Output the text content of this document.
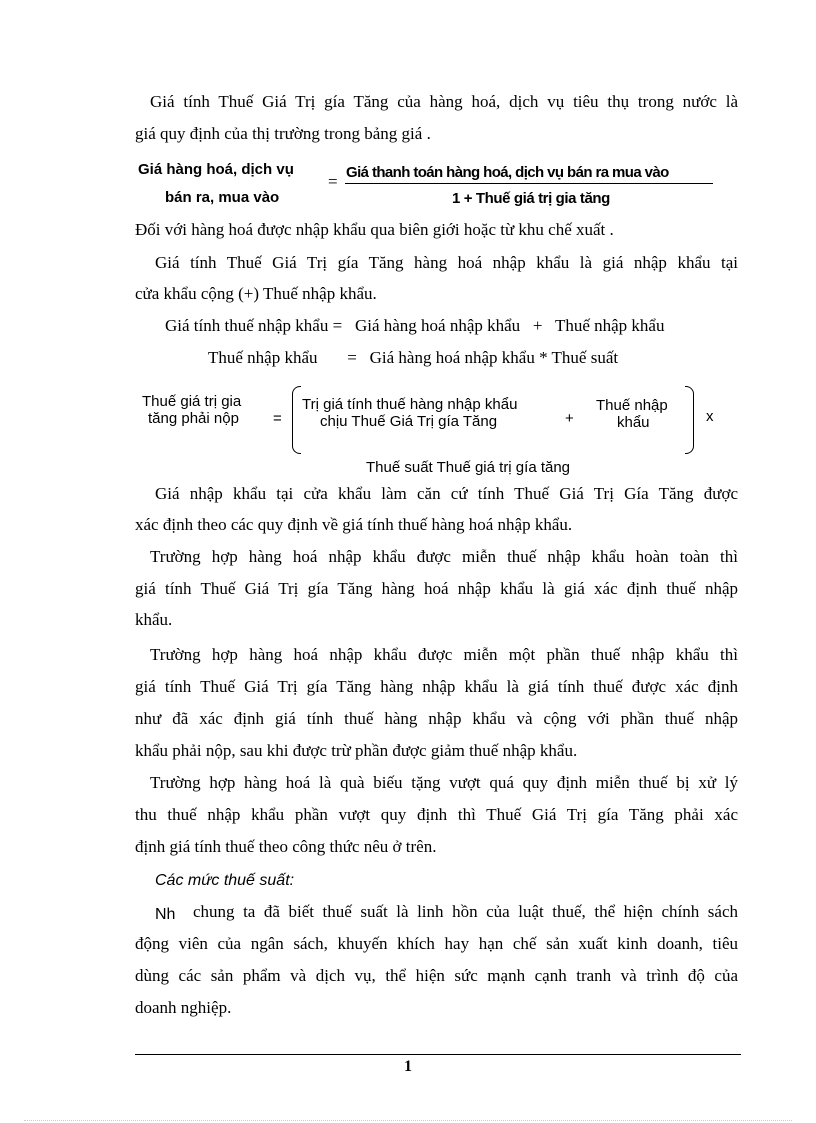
Giá tính Thuế Giá Trị gía Tăng của hàng hoá, dịch vụ tiêu thụ trong nước là
giá quy định của thị trường trong bảng giá .
Giá hàng hoá, dịch vụ
bán ra, mua vào
= Giá thanh toán hàng hoá, dịch vụ bán ra mua vào
1 + Thuế giá trị gia tăng
Đối với hàng hoá được nhập khẩu qua biên giới hoặc từ khu chế xuất .
Giá tính Thuế Giá Trị gía Tăng hàng hoá nhập khẩu là giá nhập khẩu tại
cửa khẩu cộng (+) Thuế nhập khẩu.
Giá tính thuế nhập khẩu =   Giá hàng hoá nhập khẩu   +   Thuế nhập khẩu
Thuế nhập khẩu       =   Giá hàng hoá nhập khẩu * Thuế suất
Thuế giá trị gia
tăng phải nộp =
Trị giá tính thuế hàng nhập khẩu
chịu Thuế Giá Trị gía Tăng	+
Thuế nhập
khẩu	x
Thuế suất Thuế giá trị gía tăng
Giá nhập khẩu tại cửa khẩu làm căn cứ tính Thuế Giá Trị Gía Tăng được
xác định theo các quy định về giá tính thuế hàng hoá nhập khẩu.
Trường hợp hàng hoá nhập khẩu được miễn thuế nhập khẩu hoàn toàn thì
giá tính Thuế Giá Trị gía Tăng hàng hoá nhập khẩu là giá xác định thuế nhập
khẩu.
Trường hợp hàng hoá nhập khẩu được miễn một phần thuế nhập khẩu thì
giá tính Thuế Giá Trị gía Tăng hàng nhập khẩu là giá tính thuế được xác định
như đã xác định giá tính thuế hàng nhập khẩu và cộng với phần thuế nhập
khẩu phải nộp, sau khi được trừ phần được giảm thuế nhập khẩu.
Trường hợp hàng hoá là quà biếu tặng vượt quá quy định miễn thuế bị xử lý
thu thuế nhập khẩu phần vượt quy định thì Thuế Giá Trị gía Tăng phải xác
định giá tính thuế theo công thức nêu ở trên.
Các mức thuế suất:
Nh chung ta đã biết thuế suất là linh hồn của luật thuế, thể hiện chính sách
động viên của ngân sách, khuyến khích hay hạn chế sản xuất kinh doanh, tiêu
dùng các sản phẩm và dịch vụ, thể hiện sức mạnh cạnh tranh và trình độ của
doanh nghiệp.
1
